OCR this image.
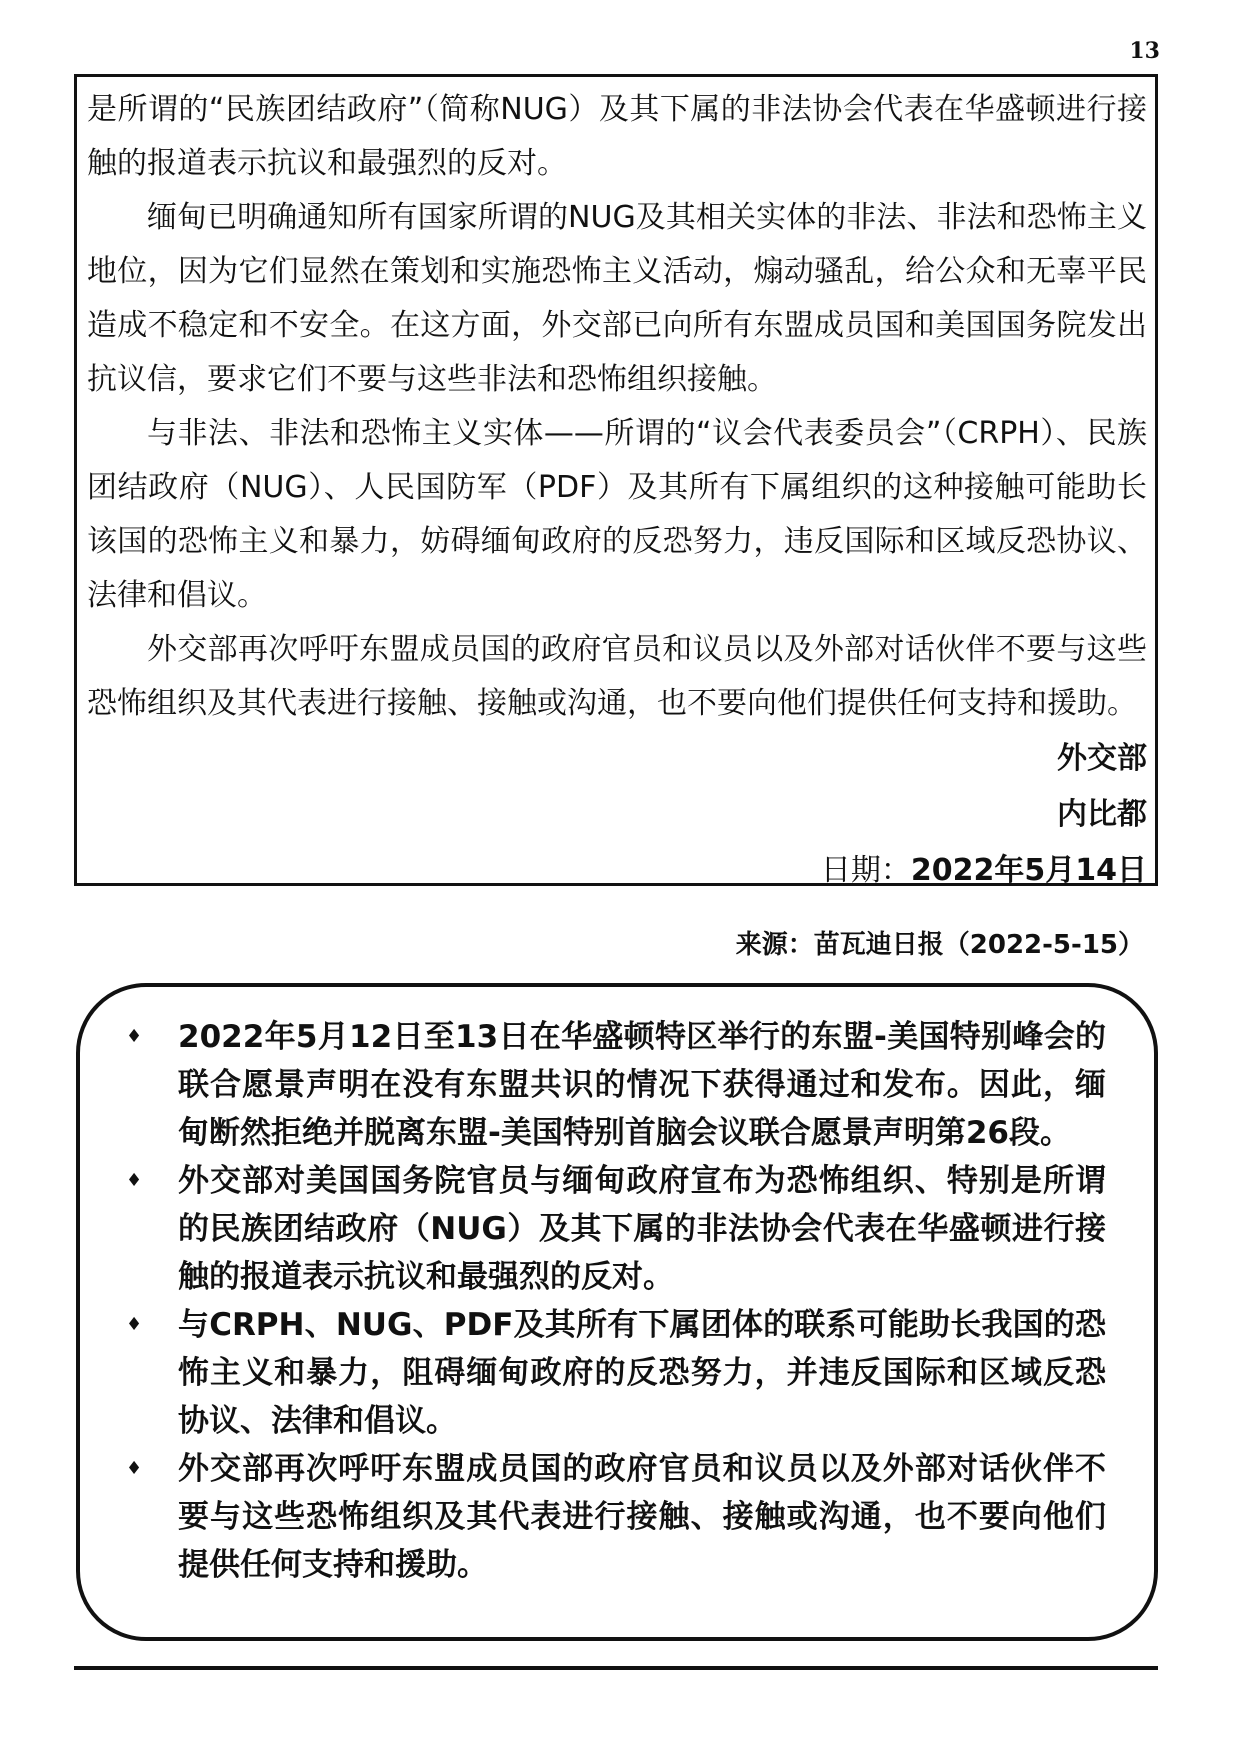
13

是所谓的“民族团结政府”（简称NUG）及其下属的非法协会代表在华盛顿进行接触的报道表示抗议和最强烈的反对。

缅甸已明确通知所有国家所谓的NUG及其相关实体的非法、非法和恐怖主义地位，因为它们显然在策划和实施恐怖主义活动，煽动骚乱，给公众和无辜平民造成不稳定和不安全。在这方面，外交部已向所有东盟成员国和美国国务院发出抗议信，要求它们不要与这些非法和恐怖组织接触。

与非法、非法和恐怖主义实体——所谓的“议会代表委员会”（CRPH）、民族团结政府（NUG）、人民国防军（PDF）及其所有下属组织的这种接触可能助长该国的恐怖主义和暴力，妨碍缅甸政府的反恐努力，违反国际和区域反恐协议、法律和倡议。

外交部再次呼吁东盟成员国的政府官员和议员以及外部对话伙伴不要与这些恐怖组织及其代表进行接触、接触或沟通，也不要向他们提供任何支持和援助。

外交部
内比都
日期：2022年5月14日
来源：苗瓦迪日报（2022-5-15）
♦ 2022年5月12日至13日在华盛顿特区举行的东盟-美国特别峰会的联合愿景声明在没有东盟共识的情况下获得通过和发布。因此，缅甸断然拒绝并脱离东盟-美国特别首脑会议联合愿景声明第26段。
♦ 外交部对美国国务院官员与缅甸政府宣布为恐怖组织、特别是所谓的民族团结政府（NUG）及其下属的非法协会代表在华盛顿进行接触的报道表示抗议和最强烈的反对。
♦ 与CRPH、NUG、PDF及其所有下属团体的联系可能助长我国的恐怖主义和暴力，阻碍缅甸政府的反恐努力，并违反国际和区域反恐协议、法律和倡议。
♦ 外交部再次呼吁东盟成员国的政府官员和议员以及外部对话伙伴不要与这些恐怖组织及其代表进行接触、接触或沟通，也不要向他们提供任何支持和援助。
